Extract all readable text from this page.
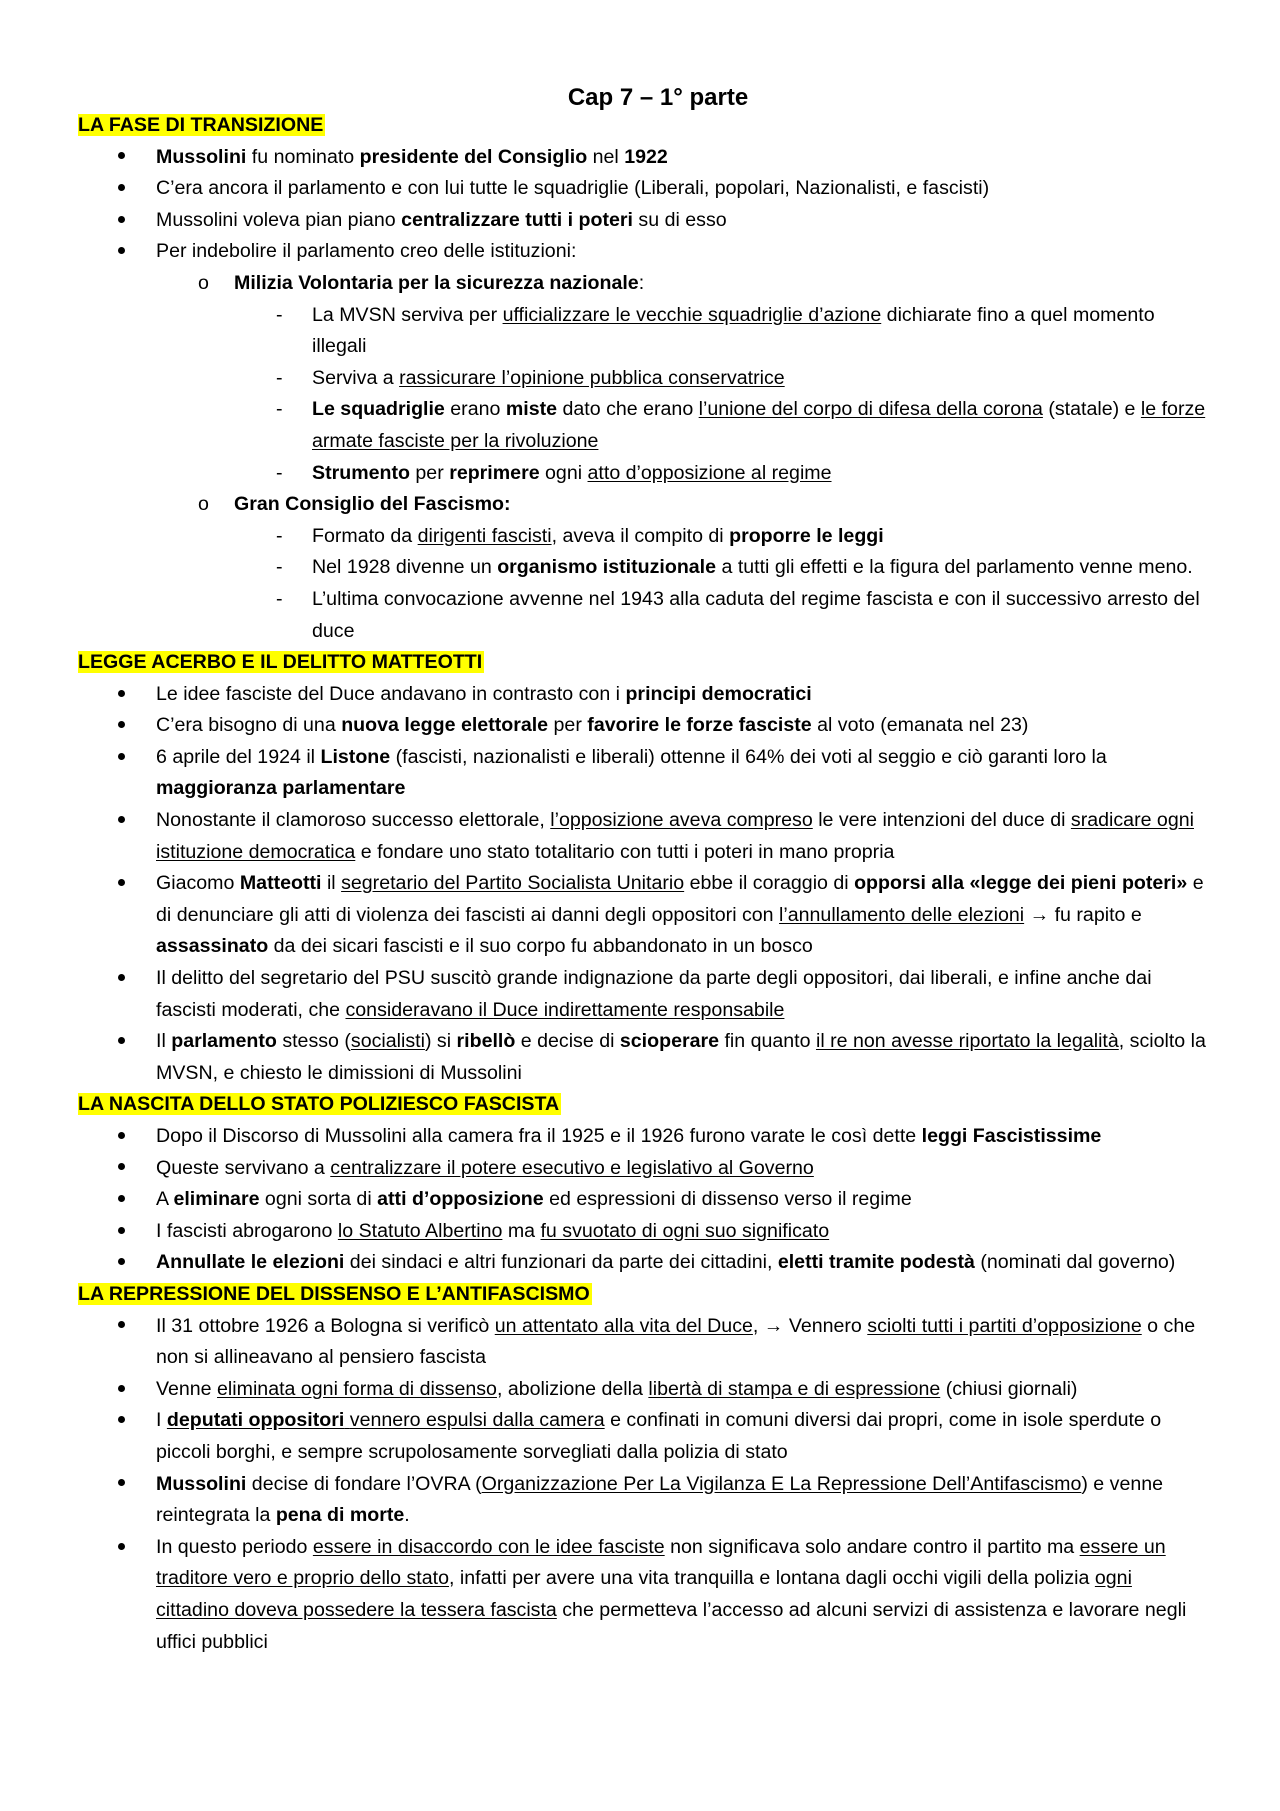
Cap 7 – 1° parte
LA FASE DI TRANSIZIONE
Mussolini fu nominato presidente del Consiglio nel 1922
C’era ancora il parlamento e con lui tutte le squadriglie (Liberali, popolari, Nazionalisti, e fascisti)
Mussolini voleva pian piano centralizzare tutti i poteri su di esso
Per indebolire il parlamento creo delle istituzioni:
o Milizia Volontaria per la sicurezza nazionale:
- La MVSN serviva per ufficializzare le vecchie squadriglie d’azione dichiarate fino a quel momento illegali
- Serviva a rassicurare l’opinione pubblica conservatrice
- Le squadriglie erano miste dato che erano l’unione del corpo di difesa della corona (statale) e le forze armate fasciste per la rivoluzione
- Strumento per reprimere ogni atto d’opposizione al regime
o Gran Consiglio del Fascismo:
- Formato da dirigenti fascisti, aveva il compito di proporre le leggi
- Nel 1928 divenne un organismo istituzionale a tutti gli effetti e la figura del parlamento venne meno.
- L’ultima convocazione avvenne nel 1943 alla caduta del regime fascista e con il successivo arresto del duce
LEGGE ACERBO E IL DELITTO MATTEOTTI
Le idee fasciste del Duce andavano in contrasto con i principi democratici
C’era bisogno di una nuova legge elettorale per favorire le forze fasciste al voto (emanata nel 23)
6 aprile del 1924 il Listone (fascisti, nazionalisti e liberali) ottenne il 64% dei voti al seggio e ciò garanti loro la maggioranza parlamentare
Nonostante il clamoroso successo elettorale, l’opposizione aveva compreso le vere intenzioni del duce di sradicare ogni istituzione democratica e fondare uno stato totalitario con tutti i poteri in mano propria
Giacomo Matteotti il segretario del Partito Socialista Unitario ebbe il coraggio di opporsi alla «legge dei pieni poteri» e di denunciare gli atti di violenza dei fascisti ai danni degli oppositori con l’annullamento delle elezioni → fu rapito e assassinato da dei sicari fascisti e il suo corpo fu abbandonato in un bosco
Il delitto del segretario del PSU suscitò grande indignazione da parte degli oppositori, dai liberali, e infine anche dai fascisti moderati, che consideravano il Duce indirettamente responsabile
Il parlamento stesso (socialisti) si ribellò e decise di scioperare fin quanto il re non avesse riportato la legalità, sciolto la MVSN, e chiesto le dimissioni di Mussolini
LA NASCITA DELLO STATO POLIZIESCO FASCISTA
Dopo il Discorso di Mussolini alla camera fra il 1925 e il 1926 furono varate le così dette leggi Fascistissime
Queste servivano a centralizzare il potere esecutivo e legislativo al Governo
A eliminare ogni sorta di atti d’opposizione ed espressioni di dissenso verso il regime
I fascisti abrogarono lo Statuto Albertino ma fu svuotato di ogni suo significato
Annullate le elezioni dei sindaci e altri funzionari da parte dei cittadini, eletti tramite podestà (nominati dal governo)
LA REPRESSIONE DEL DISSENSO E L’ANTIFASCISMO
Il 31 ottobre 1926 a Bologna si verificò un attentato alla vita del Duce, → Vennero sciolti tutti i partiti d’opposizione o che non si allineavano al pensiero fascista
Venne eliminata ogni forma di dissenso, abolizione della libertà di stampa e di espressione (chiusi giornali)
I deputati oppositori vennero espulsi dalla camera e confinati in comuni diversi dai propri, come in isole sperdute o piccoli borghi, e sempre scrupolosamente sorvegliati dalla polizia di stato
Mussolini decise di fondare l’OVRA (Organizzazione Per La Vigilanza E La Repressione Dell’Antifascismo) e venne reintegrata la pena di morte.
In questo periodo essere in disaccordo con le idee fasciste non significava solo andare contro il partito ma essere un traditore vero e proprio dello stato, infatti per avere una vita tranquilla e lontana dagli occhi vigili della polizia ogni cittadino doveva possedere la tessera fascista che permetteva l’accesso ad alcuni servizi di assistenza e lavorare negli uffici pubblici
